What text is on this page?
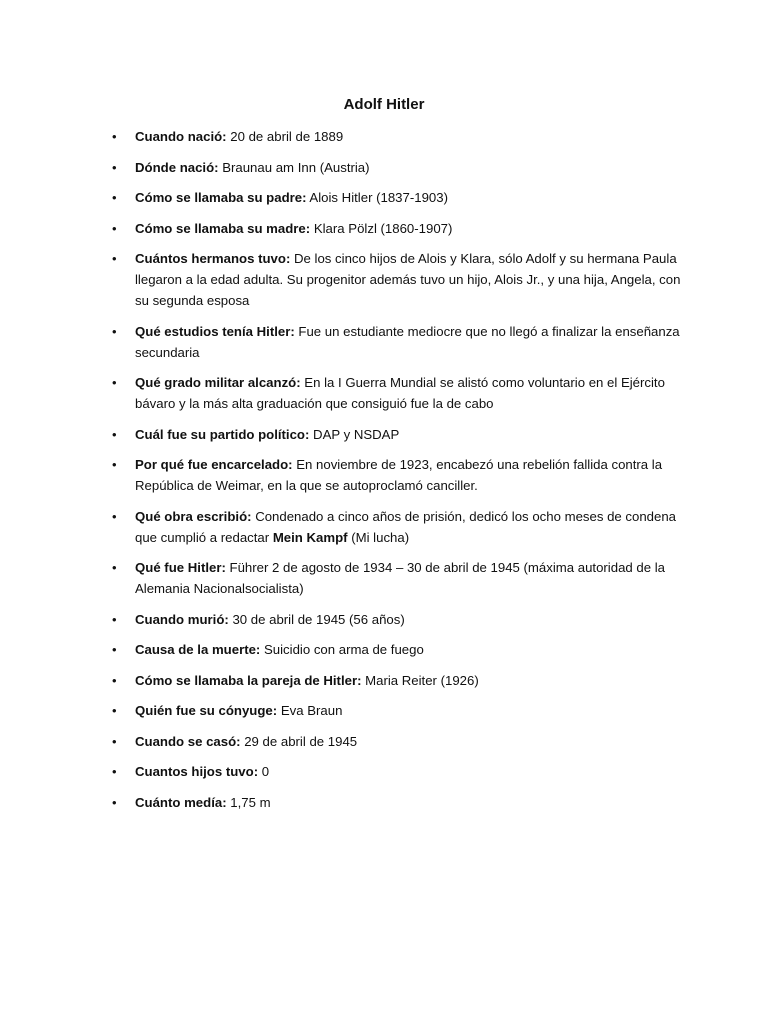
Adolf Hitler
• Cuando nació: 20 de abril de 1889
• Dónde nació: Braunau am Inn (Austria)
• Cómo se llamaba su padre: Alois Hitler (1837-1903)
• Cómo se llamaba su madre: Klara Pölzl (1860-1907)
• Cuántos hermanos tuvo: De los cinco hijos de Alois y Klara, sólo Adolf y su hermana Paula llegaron a la edad adulta. Su progenitor además tuvo un hijo, Alois Jr., y una hija, Angela, con su segunda esposa
• Qué estudios tenía Hitler: Fue un estudiante mediocre que no llegó a finalizar la enseñanza secundaria
• Qué grado militar alcanzó: En la I Guerra Mundial se alistó como voluntario en el Ejército bávaro y la más alta graduación que consiguió fue la de cabo
• Cuál fue su partido político: DAP y NSDAP
• Por qué fue encarcelado: En noviembre de 1923, encabezó una rebelión fallida contra la República de Weimar, en la que se autoproclamó canciller.
• Qué obra escribió: Condenado a cinco años de prisión, dedicó los ocho meses de condena que cumplió a redactar Mein Kampf (Mi lucha)
• Qué fue Hitler: Führer 2 de agosto de 1934 – 30 de abril de 1945 (máxima autoridad de la Alemania Nacionalsocialista)
• Cuando murió: 30 de abril de 1945 (56 años)
• Causa de la muerte: Suicidio con arma de fuego
• Cómo se llamaba la pareja de Hitler: Maria Reiter (1926)
• Quién fue su cónyuge: Eva Braun
• Cuando se casó: 29 de abril de 1945
• Cuantos hijos tuvo: 0
• Cuánto medía: 1,75 m
